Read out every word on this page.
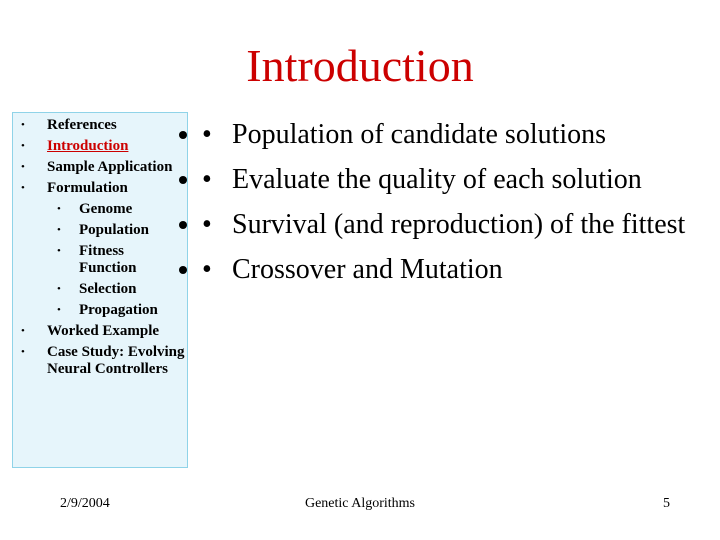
Introduction
• References
• Introduction
• Sample Application
• Formulation
• Genome
• Population
• Fitness Function
• Selection
• Propagation
• Worked Example
• Case Study: Evolving Neural Controllers
• • Population of candidate solutions
• • Evaluate the quality of each solution
• • Survival (and reproduction) of the fittest
• • Crossover and Mutation
2/9/2004	Genetic Algorithms	5
